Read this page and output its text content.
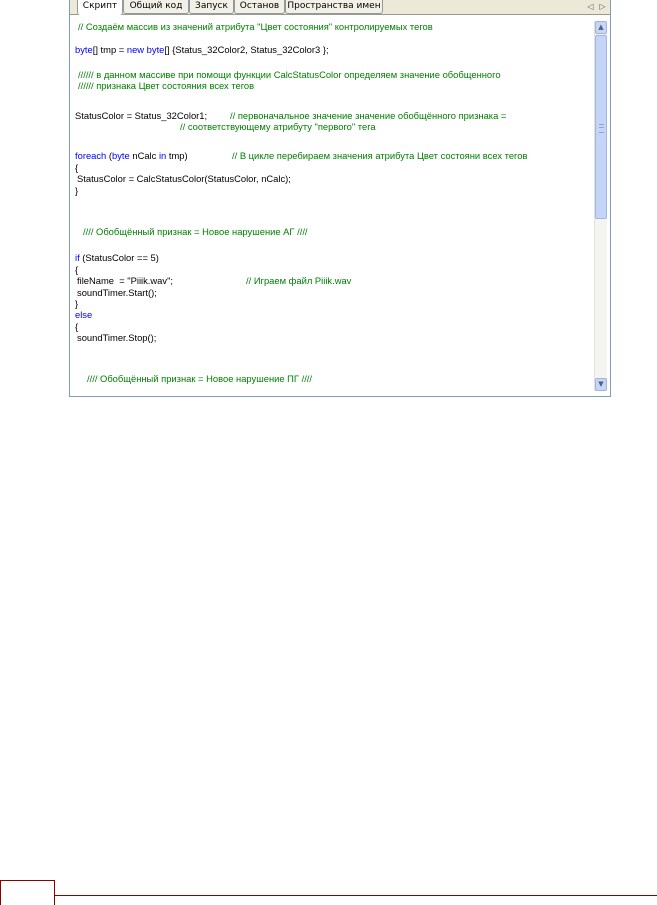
Скрипт	Общий код	Запуск	Останов Пространства имен	◁ ▷
// Создаём массив из значений атрибута "Цвет состояния" контролируемых тегов
byte[] tmp = new byte[] {Status_32Color2, Status_32Color3 };
////// в данном массиве при помощи функции CalcStatusColor определяем значение обобщенного
////// признака Цвет состояния всех тегов
StatusColor = Status_32Color1; // первоначальное значение значение обобщённого признака =
// соответствующему атрибуту "первого" тега
foreach (byte nCalc in tmp)	// В цикле перебираем значения атрибута Цвет состояни всех тегов
{
StatusColor = CalcStatusColor(StatusColor, nCalc);
}
//// Обобщённый признак = Новое нарушение АГ ////
if (StatusColor == 5)
{
fileName  = "Piiik.wav";	// Играем файл Piiik.wav
soundTimer.Start();
}
else
{
soundTimer.Stop();
//// Обобщённый признак = Новое нарушение ПГ ////
▲
▼
